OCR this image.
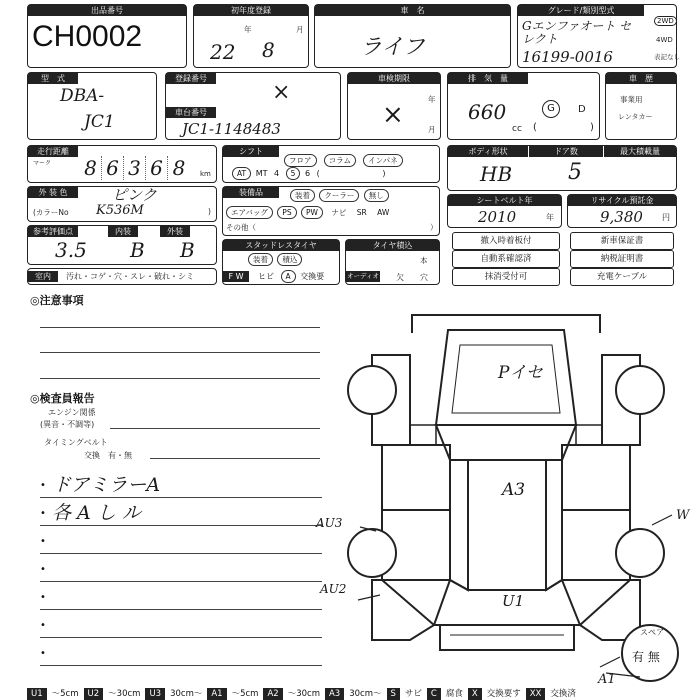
出品番号
CH0002
初年度登録
年	月
22 8
車　名
ライフ
グレード/類別型式
Gエンファオート セレクト
16199-0016
2WD
4WD
表記なし
型　式
DBA-
JC1
登録番号
×
車台番号
JC1-1148483
車検期限
年
月
×
排　気　量
660
cc
G	D
(	)
車　歴
事業用
レンタカー
走行距離
マーク 8 6 3 6 8	km
外 装 色	ピンク
(カラーNo K536M	)
参考評価点	内装	外装
3.5 B B
室内	汚れ・コゲ・穴・スレ・破れ・シミ
シフト
フロア コラム インパネ
AT MT 4 5 6 (	)
装備品	装着 クーラー 無し
エアバッグ PS PW ナビ SR AW
その他（	）
スタッドレスタイヤ
装着 積込
F W	ヒビ A 交換要
タイヤ積込
本
オーディオ 欠 穴
ボディ形状	ドア数	最大積載量
HB	5
シートベルト年
2010	年
リサイクル預託金
9,380 円
撤入時着板付	新車保証書
自動系確認済	納税証明書
抹消受付可	充電ケーブル
◎注意事項
◎検査員報告
エンジン関係
(異音・不調等)
タイミングベルト
交換　有・無
• ドアミラーA
• 各 A し ル
•
•
•
•
•
Pイセ
A3
U1
AU3
AU2
W
A1
スペア
有 無
U1 〜5cm U2 〜30cm U3 30cm〜 A1 〜5cm A2 〜30cm A3 30cm〜 S サビ C 腐食 X 交換要す XX 交換済
